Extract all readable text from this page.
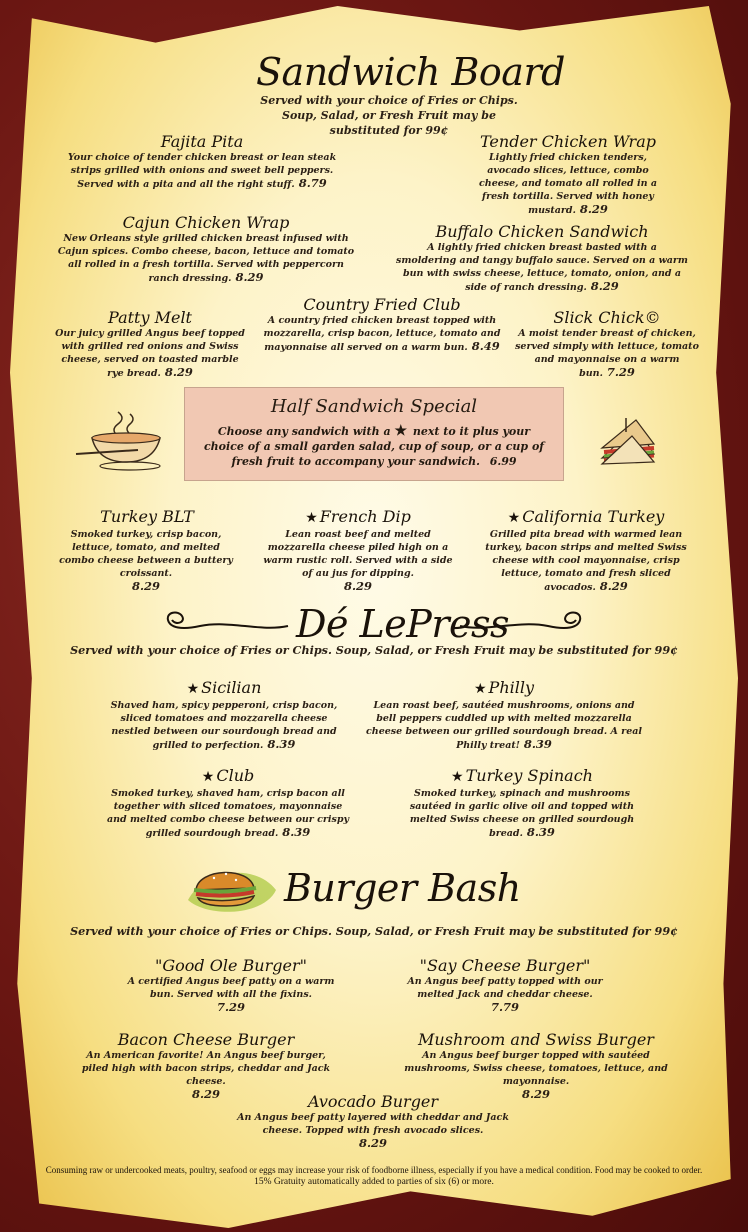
Sandwich Board
Served with your choice of Fries or Chips.
Soup, Salad, or Fresh Fruit may be
substituted for 99¢
Fajita Pita
Your choice of tender chicken breast or lean steak strips grilled with onions and sweet bell peppers. Served with a pita and all the right stuff. 8.79
Tender Chicken Wrap
Lightly fried chicken tenders, avocado slices, lettuce, combo cheese, and tomato all rolled in a fresh tortilla. Served with honey mustard. 8.29
Cajun Chicken Wrap
New Orleans style grilled chicken breast infused with Cajun spices. Combo cheese, bacon, lettuce and tomato all rolled in a fresh tortilla. Served with peppercorn ranch dressing. 8.29
Buffalo Chicken Sandwich
A lightly fried chicken breast basted with a smoldering and tangy buffalo sauce. Served on a warm bun with swiss cheese, lettuce, tomato, onion, and a side of ranch dressing. 8.29
Patty Melt
Our juicy grilled Angus beef topped with grilled red onions and Swiss cheese, served on toasted marble rye bread. 8.29
Country Fried Club
A country fried chicken breast topped with mozzarella, crisp bacon, lettuce, tomato and mayonnaise all served on a warm bun. 8.49
Slick Chick©
A moist tender breast of chicken, served simply with lettuce, tomato and mayonnaise on a warm bun. 7.29
Half Sandwich Special
Choose any sandwich with a ★ next to it plus your choice of a small garden salad, cup of soup, or a cup of fresh fruit to accompany your sandwich. 6.99
Turkey BLT
Smoked turkey, crisp bacon, lettuce, tomato, and melted combo cheese between a buttery croissant.
8.29
★ French Dip
Lean roast beef and melted mozzarella cheese piled high on a warm rustic roll. Served with a side of au jus for dipping.
8.29
★ California Turkey
Grilled pita bread with warmed lean turkey, bacon strips and melted Swiss cheese with cool mayonnaise, crisp lettuce, tomato and fresh sliced avocados. 8.29
Dé LePress
Served with your choice of Fries or Chips. Soup, Salad, or Fresh Fruit may be substituted for 99¢
★ Sicilian
Shaved ham, spicy pepperoni, crisp bacon, sliced tomatoes and mozzarella cheese nestled between our sourdough bread and grilled to perfection. 8.39
★ Philly
Lean roast beef, sautéed mushrooms, onions and bell peppers cuddled up with melted mozzarella cheese between our grilled sourdough bread. A real Philly treat! 8.39
★ Club
Smoked turkey, shaved ham, crisp bacon all together with sliced tomatoes, mayonnaise and melted combo cheese between our crispy grilled sourdough bread. 8.39
★ Turkey Spinach
Smoked turkey, spinach and mushrooms sautéed in garlic olive oil and topped with melted Swiss cheese on grilled sourdough bread. 8.39
Burger Bash
Served with your choice of Fries or Chips. Soup, Salad, or Fresh Fruit may be substituted for 99¢
"Good Ole Burger"
A certified Angus beef patty on a warm bun. Served with all the fixins.
7.29
"Say Cheese Burger"
An Angus beef patty topped with our melted Jack and cheddar cheese.
7.79
Bacon Cheese Burger
An American favorite! An Angus beef burger, piled high with bacon strips, cheddar and Jack cheese.
8.29
Mushroom and Swiss Burger
An Angus beef burger topped with sautéed mushrooms, Swiss cheese, tomatoes, lettuce, and mayonnaise.
8.29
Avocado Burger
An Angus beef patty layered with cheddar and Jack cheese. Topped with fresh avocado slices.
8.29
Consuming raw or undercooked meats, poultry, seafood or eggs may increase your risk of foodborne illness, especially if you have a medical condition. Food may be cooked to order.
15% Gratuity automatically added to parties of six (6) or more.
